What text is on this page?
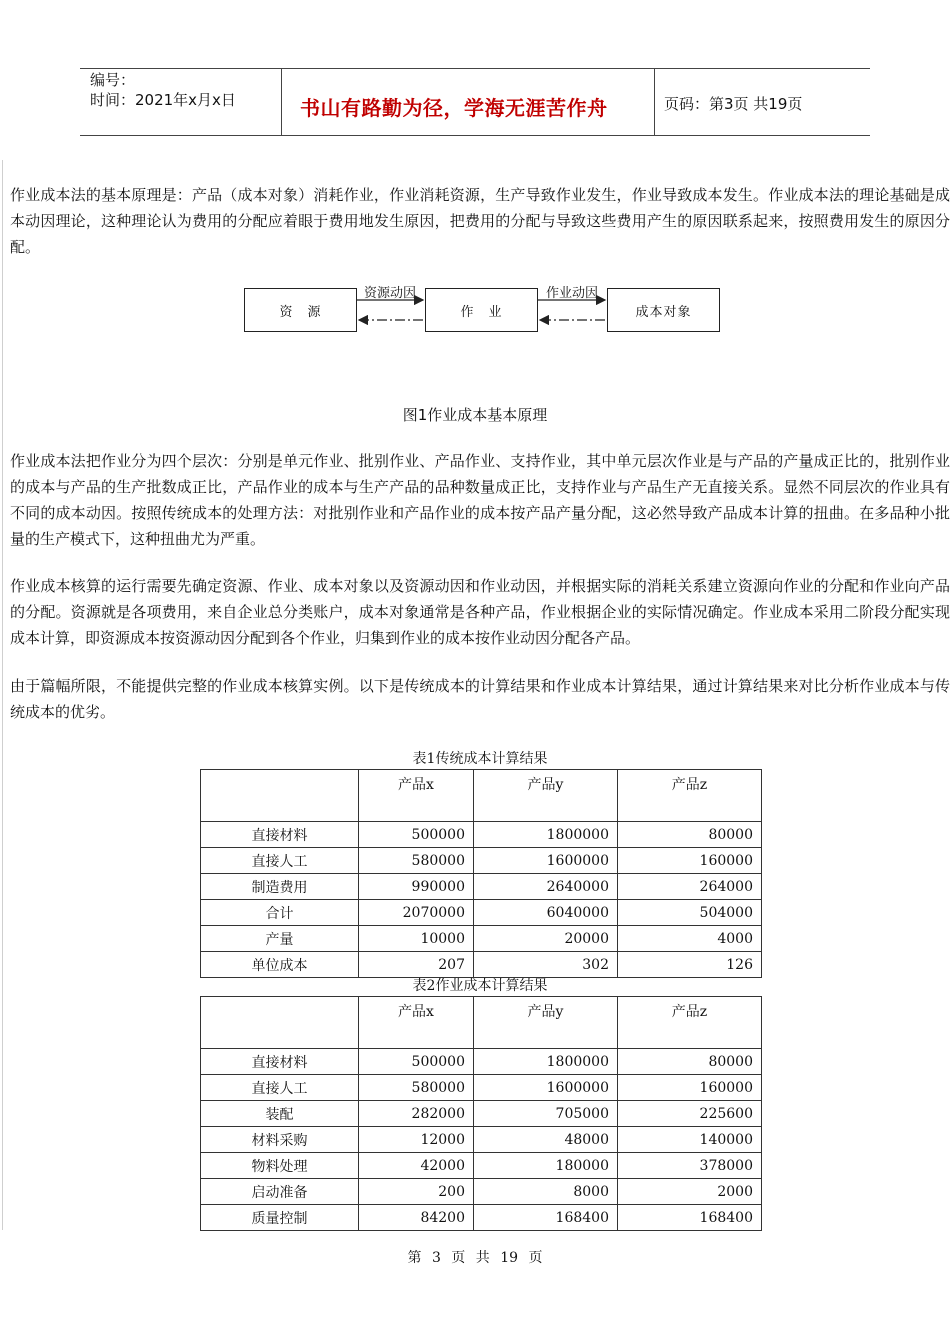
编号：
时间：2021年x月x日	书山有路勤为径，学海无涯苦作舟	页码：第3页 共19页
作业成本法的基本原理是：产品（成本对象）消耗作业，作业消耗资源，生产导致作业发生，作业导致成本发生。作业成本法的理论基础是成本动因理论，这种理论认为费用的分配应着眼于费用地发生原因，把费用的分配与导致这些费用产生的原因联系起来，按照费用发生的原因分配。
资　源	作　业	成本对象
资源动因	作业动因
图1作业成本基本原理
作业成本法把作业分为四个层次：分别是单元作业、批别作业、产品作业、支持作业，其中单元层次作业是与产品的产量成正比的，批别作业的成本与产品的生产批数成正比，产品作业的成本与生产产品的品种数量成正比，支持作业与产品生产无直接关系。显然不同层次的作业具有不同的成本动因。按照传统成本的处理方法：对批别作业和产品作业的成本按产品产量分配，这必然导致产品成本计算的扭曲。在多品种小批量的生产模式下，这种扭曲尤为严重。
作业成本核算的运行需要先确定资源、作业、成本对象以及资源动因和作业动因，并根据实际的消耗关系建立资源向作业的分配和作业向产品的分配。资源就是各项费用，来自企业总分类账户，成本对象通常是各种产品，作业根据企业的实际情况确定。作业成本采用二阶段分配实现成本计算，即资源成本按资源动因分配到各个作业，归集到作业的成本按作业动因分配各产品。
由于篇幅所限，不能提供完整的作业成本核算实例。以下是传统成本的计算结果和作业成本计算结果，通过计算结果来对比分析作业成本与传统成本的优劣。
表1传统成本计算结果
	产品x	产品y	产品z
直接材料	500000	1800000	80000
直接人工	580000	1600000	160000
制造费用	990000	2640000	264000
合计	2070000	6040000	504000
产量	10000	20000	4000
单位成本	207	302	126
表2作业成本计算结果
	产品x	产品y	产品z
直接材料	500000	1800000	80000
直接人工	580000	1600000	160000
装配	282000	705000	225600
材料采购	12000	48000	140000
物料处理	42000	180000	378000
启动准备	200	8000	2000
质量控制	84200	168400	168400
第 3 页 共 19 页
